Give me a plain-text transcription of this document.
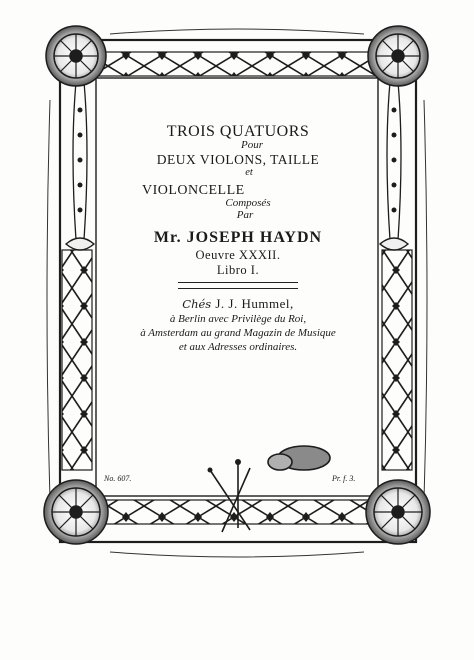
TROIS QUATUORS
Pour
DEUX VIOLONS, TAILLE
et
VIOLONCELLE
Composés
Par
Mr. JOSEPH HAYDN
Oeuvre XXXII.
Libro I.
Chés J. J. Hummel,
à Berlin avec Privilège du Roi,
à Amsterdam au grand Magazin de Musique
et aux Adresses ordinaires.
No. 607.	Pr. f. 3.
